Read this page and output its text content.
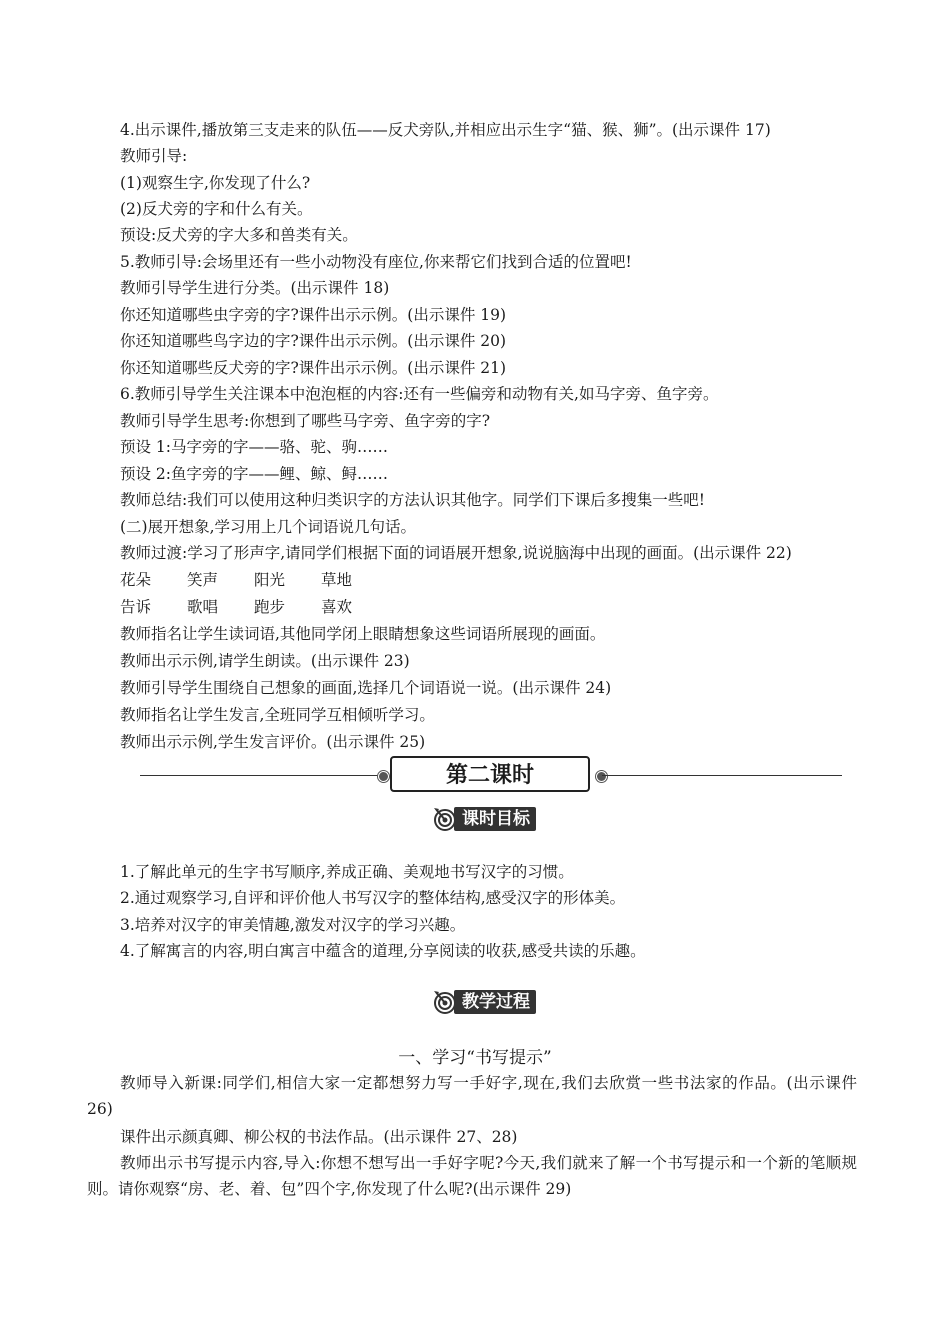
4.出示课件,播放第三支走来的队伍——反犬旁队,并相应出示生字“猫、猴、狮”。(出示课件 17)
教师引导:
(1)观察生字,你发现了什么?
(2)反犬旁的字和什么有关。
预设:反犬旁的字大多和兽类有关。
5.教师引导:会场里还有一些小动物没有座位,你来帮它们找到合适的位置吧!
教师引导学生进行分类。(出示课件 18)
你还知道哪些虫字旁的字?课件出示示例。(出示课件 19)
你还知道哪些鸟字边的字?课件出示示例。(出示课件 20)
你还知道哪些反犬旁的字?课件出示示例。(出示课件 21)
6.教师引导学生关注课本中泡泡框的内容:还有一些偏旁和动物有关,如马字旁、鱼字旁。
教师引导学生思考:你想到了哪些马字旁、鱼字旁的字?
预设 1:马字旁的字——骆、驼、驹……
预设 2:鱼字旁的字——鲤、鲸、鲟……
教师总结:我们可以使用这种归类识字的方法认识其他字。同学们下课后多搜集一些吧!
(二)展开想象,学习用上几个词语说几句话。
教师过渡:学习了形声字,请同学们根据下面的词语展开想象,说说脑海中出现的画面。(出示课件 22)
花朵 笑声 阳光 草地
告诉 歌唱 跑步 喜欢
教师指名让学生读词语,其他同学闭上眼睛想象这些词语所展现的画面。
教师出示示例,请学生朗读。(出示课件 23)
教师引导学生围绕自己想象的画面,选择几个词语说一说。(出示课件 24)
教师指名让学生发言,全班同学互相倾听学习。
教师出示示例,学生发言评价。(出示课件 25)
第二课时
课时目标
1.了解此单元的生字书写顺序,养成正确、美观地书写汉字的习惯。
2.通过观察学习,自评和评价他人书写汉字的整体结构,感受汉字的形体美。
3.培养对汉字的审美情趣,激发对汉字的学习兴趣。
4.了解寓言的内容,明白寓言中蕴含的道理,分享阅读的收获,感受共读的乐趣。
教学过程
一、学习“书写提示”
教师导入新课:同学们,相信大家一定都想努力写一手好字,现在,我们去欣赏一些书法家的作品。(出示课件 26)
课件出示颜真卿、柳公权的书法作品。(出示课件 27、28)
教师出示书写提示内容,导入:你想不想写出一手好字呢?今天,我们就来了解一个书写提示和一个新的笔顺规则。请你观察“房、老、着、包”四个字,你发现了什么呢?(出示课件 29)
